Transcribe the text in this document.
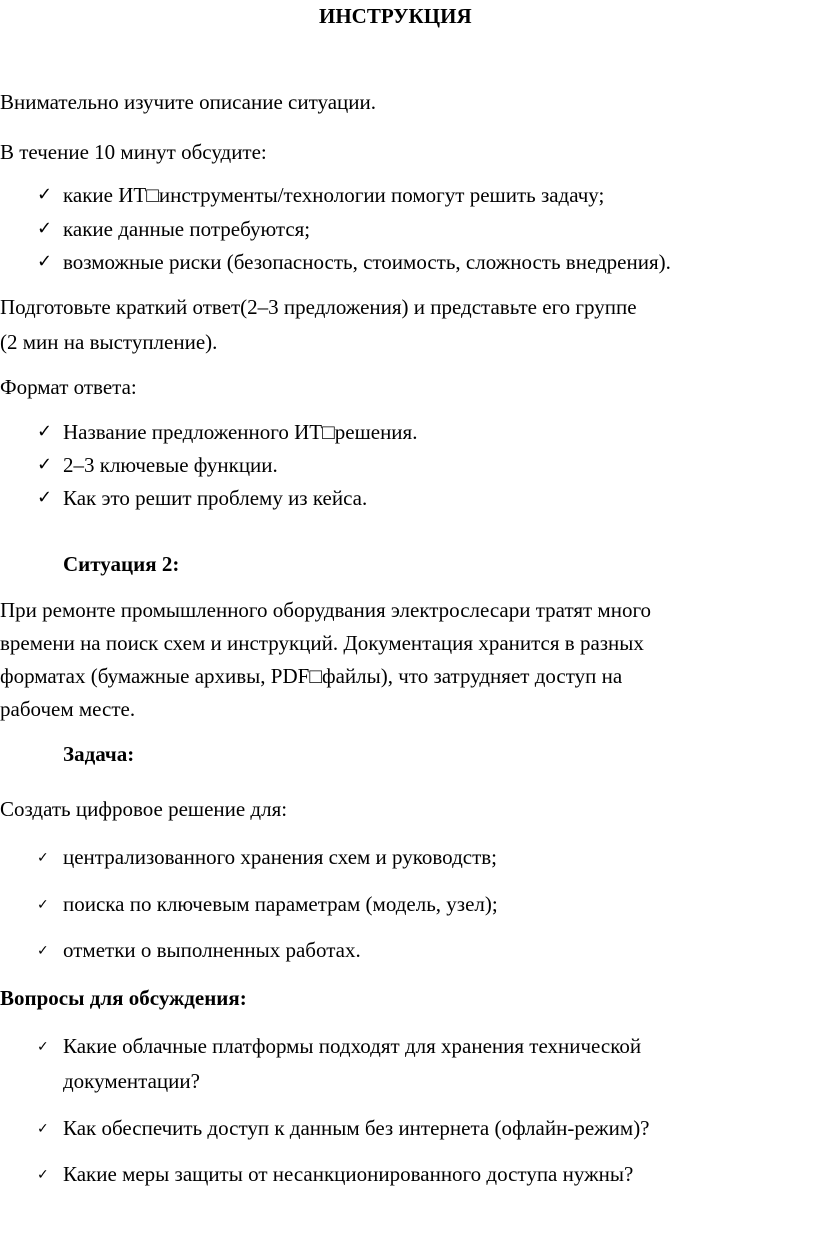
ИНСТРУКЦИЯ
Внимательно изучите описание ситуации.
В течение 10 минут обсудите:
✓ какие ИТ□инструменты/технологии помогут решить задачу;
✓ какие данные потребуются;
✓ возможные риски (безопасность, стоимость, сложность внедрения).
Подготовьте краткий ответ(2–3 предложения) и представьте его группе
(2 мин на выступление).
Формат ответа:
✓ Название предложенного ИТ□решения.
✓ 2–3 ключевые функции.
✓ Как это решит проблему из кейса.
Ситуация 2:
При ремонте промышленного оборудвания электрослесари тратят много
времени на поиск схем и инструкций. Документация хранится в разных
форматах (бумажные архивы, PDF□файлы), что затрудняет доступ на
рабочем месте.
Задача:
Создать цифровое решение для:
✓ централизованного хранения схем и руководств;
✓ поиска по ключевым параметрам (модель, узел);
✓ отметки о выполненных работах.
Вопросы для обсуждения:
✓ Какие облачные платформы подходят для хранения технической
документации?
✓ Как обеспечить доступ к данным без интернета (офлайн-режим)?
✓ Какие меры защиты от несанкционированного доступа нужны?
